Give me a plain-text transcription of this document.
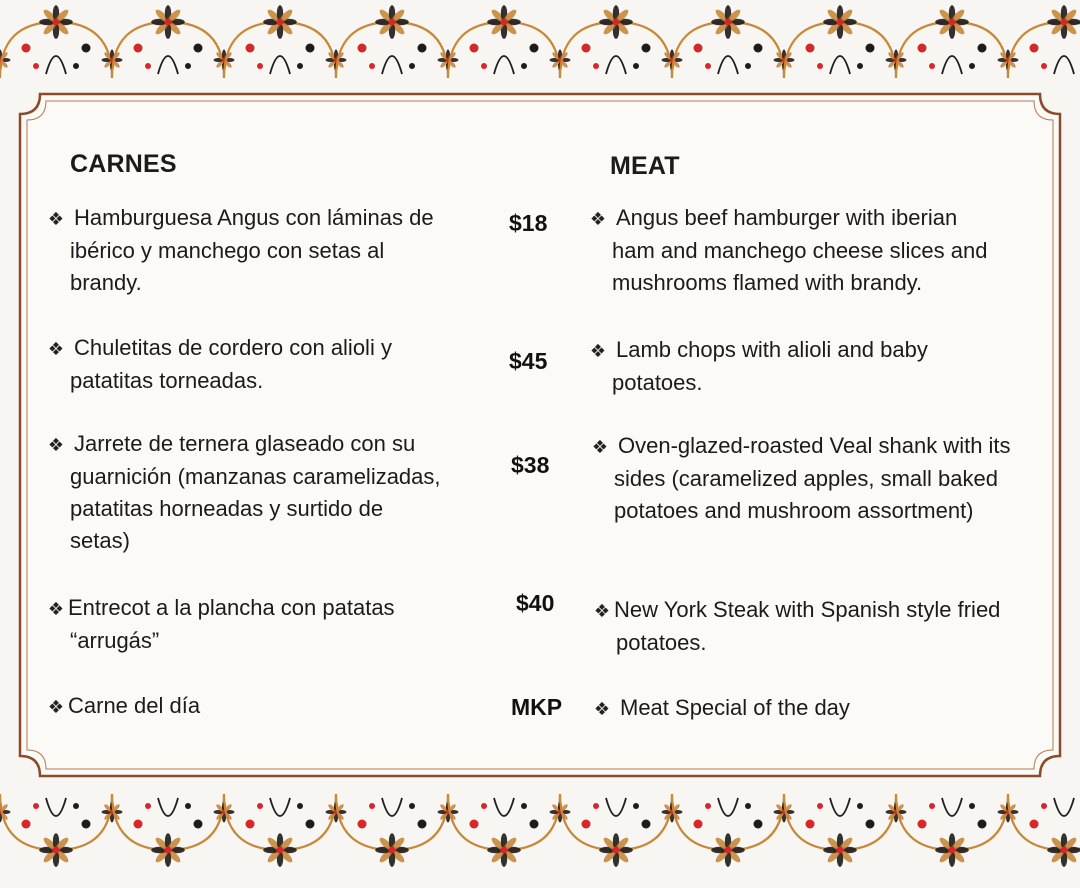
CARNES	MEAT
❖ Hamburguesa Angus con láminas de
ibérico y manchego con setas al
brandy.
$18 ❖ Angus beef hamburger with iberian
ham and manchego cheese slices and
mushrooms flamed with brandy.
❖ Chuletitas de cordero con alioli y
patatitas torneadas.
$45 ❖ Lamb chops with alioli and baby
potatoes.
❖ Jarrete de ternera glaseado con su
guarnición (manzanas caramelizadas,
patatitas horneadas y surtido de
setas)
$38
❖ Oven-glazed-roasted Veal shank with its
sides (caramelized apples, small baked
potatoes and mushroom assortment)
❖ Entrecot a la plancha con patatas
“arrugás”
$40 ❖ New York Steak with Spanish style fried
potatoes.
❖ Carne del día	MKP ❖ Meat Special of the day
